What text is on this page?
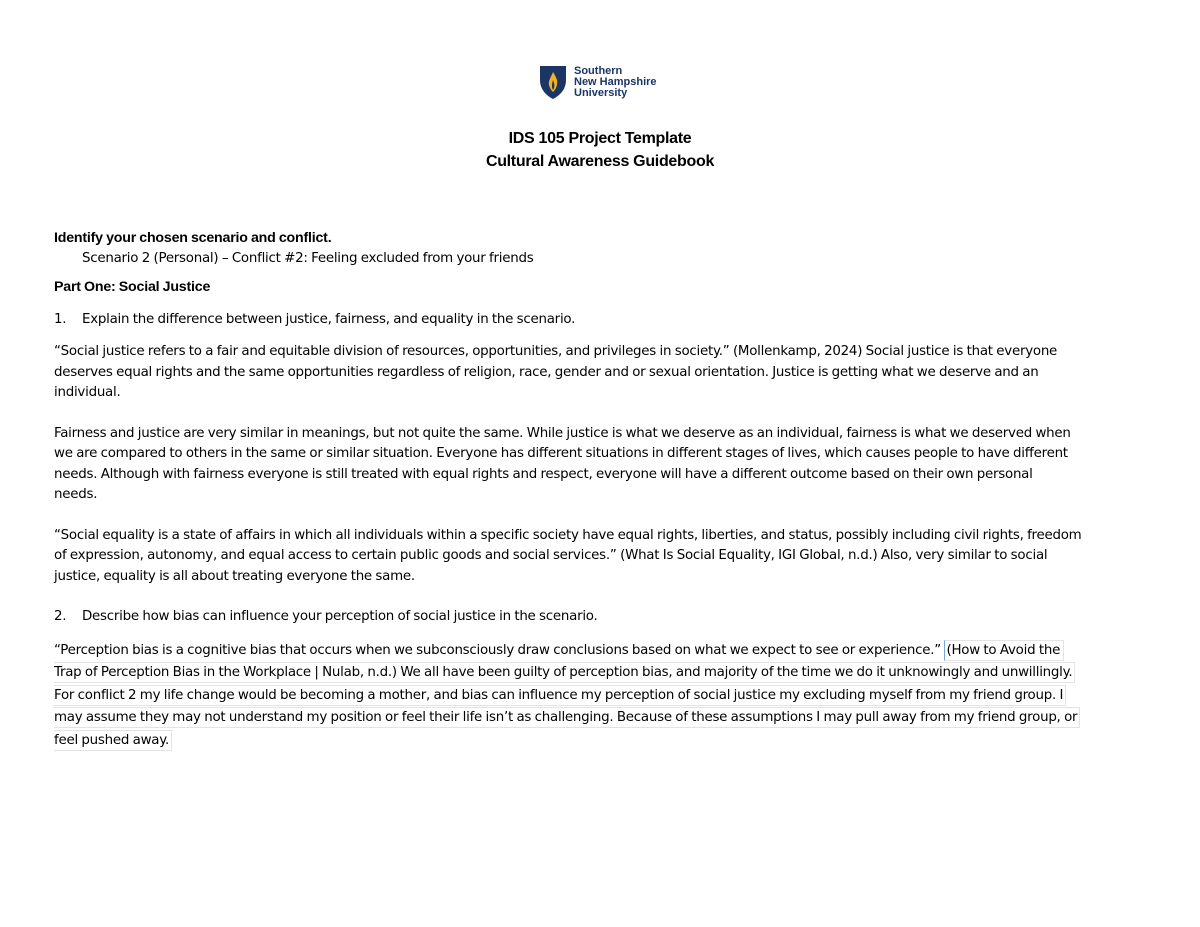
Southern
New Hampshire
University
IDS 105 Project Template
Cultural Awareness Guidebook
Identify your chosen scenario and conflict.
Scenario 2 (Personal) – Conflict #2: Feeling excluded from your friends
Part One: Social Justice
1.	Explain the difference between justice, fairness, and equality in the scenario.
“Social justice refers to a fair and equitable division of resources, opportunities, and privileges in society.” (Mollenkamp, 2024) Social justice is that everyone
deserves equal rights and the same opportunities regardless of religion, race, gender and or sexual orientation. Justice is getting what we deserve and an
individual.
Fairness and justice are very similar in meanings, but not quite the same. While justice is what we deserve as an individual, fairness is what we deserved when
we are compared to others in the same or similar situation. Everyone has different situations in different stages of lives, which causes people to have different
needs. Although with fairness everyone is still treated with equal rights and respect, everyone will have a different outcome based on their own personal
needs.
“Social equality is a state of affairs in which all individuals within a specific society have equal rights, liberties, and status, possibly including civil rights, freedom
of expression, autonomy, and equal access to certain public goods and social services.” (What Is Social Equality, IGI Global, n.d.) Also, very similar to social
justice, equality is all about treating everyone the same.
2.	Describe how bias can influence your perception of social justice in the scenario.
“Perception bias is a cognitive bias that occurs when we subconsciously draw conclusions based on what we expect to see or experience.” (How to Avoid the
Trap of Perception Bias in the Workplace | Nulab, n.d.) We all have been guilty of perception bias, and majority of the time we do it unknowingly and unwillingly.
For conflict 2 my life change would be becoming a mother, and bias can influence my perception of social justice my excluding myself from my friend group. I
may assume they may not understand my position or feel their life isn’t as challenging. Because of these assumptions I may pull away from my friend group, or
feel pushed away.
